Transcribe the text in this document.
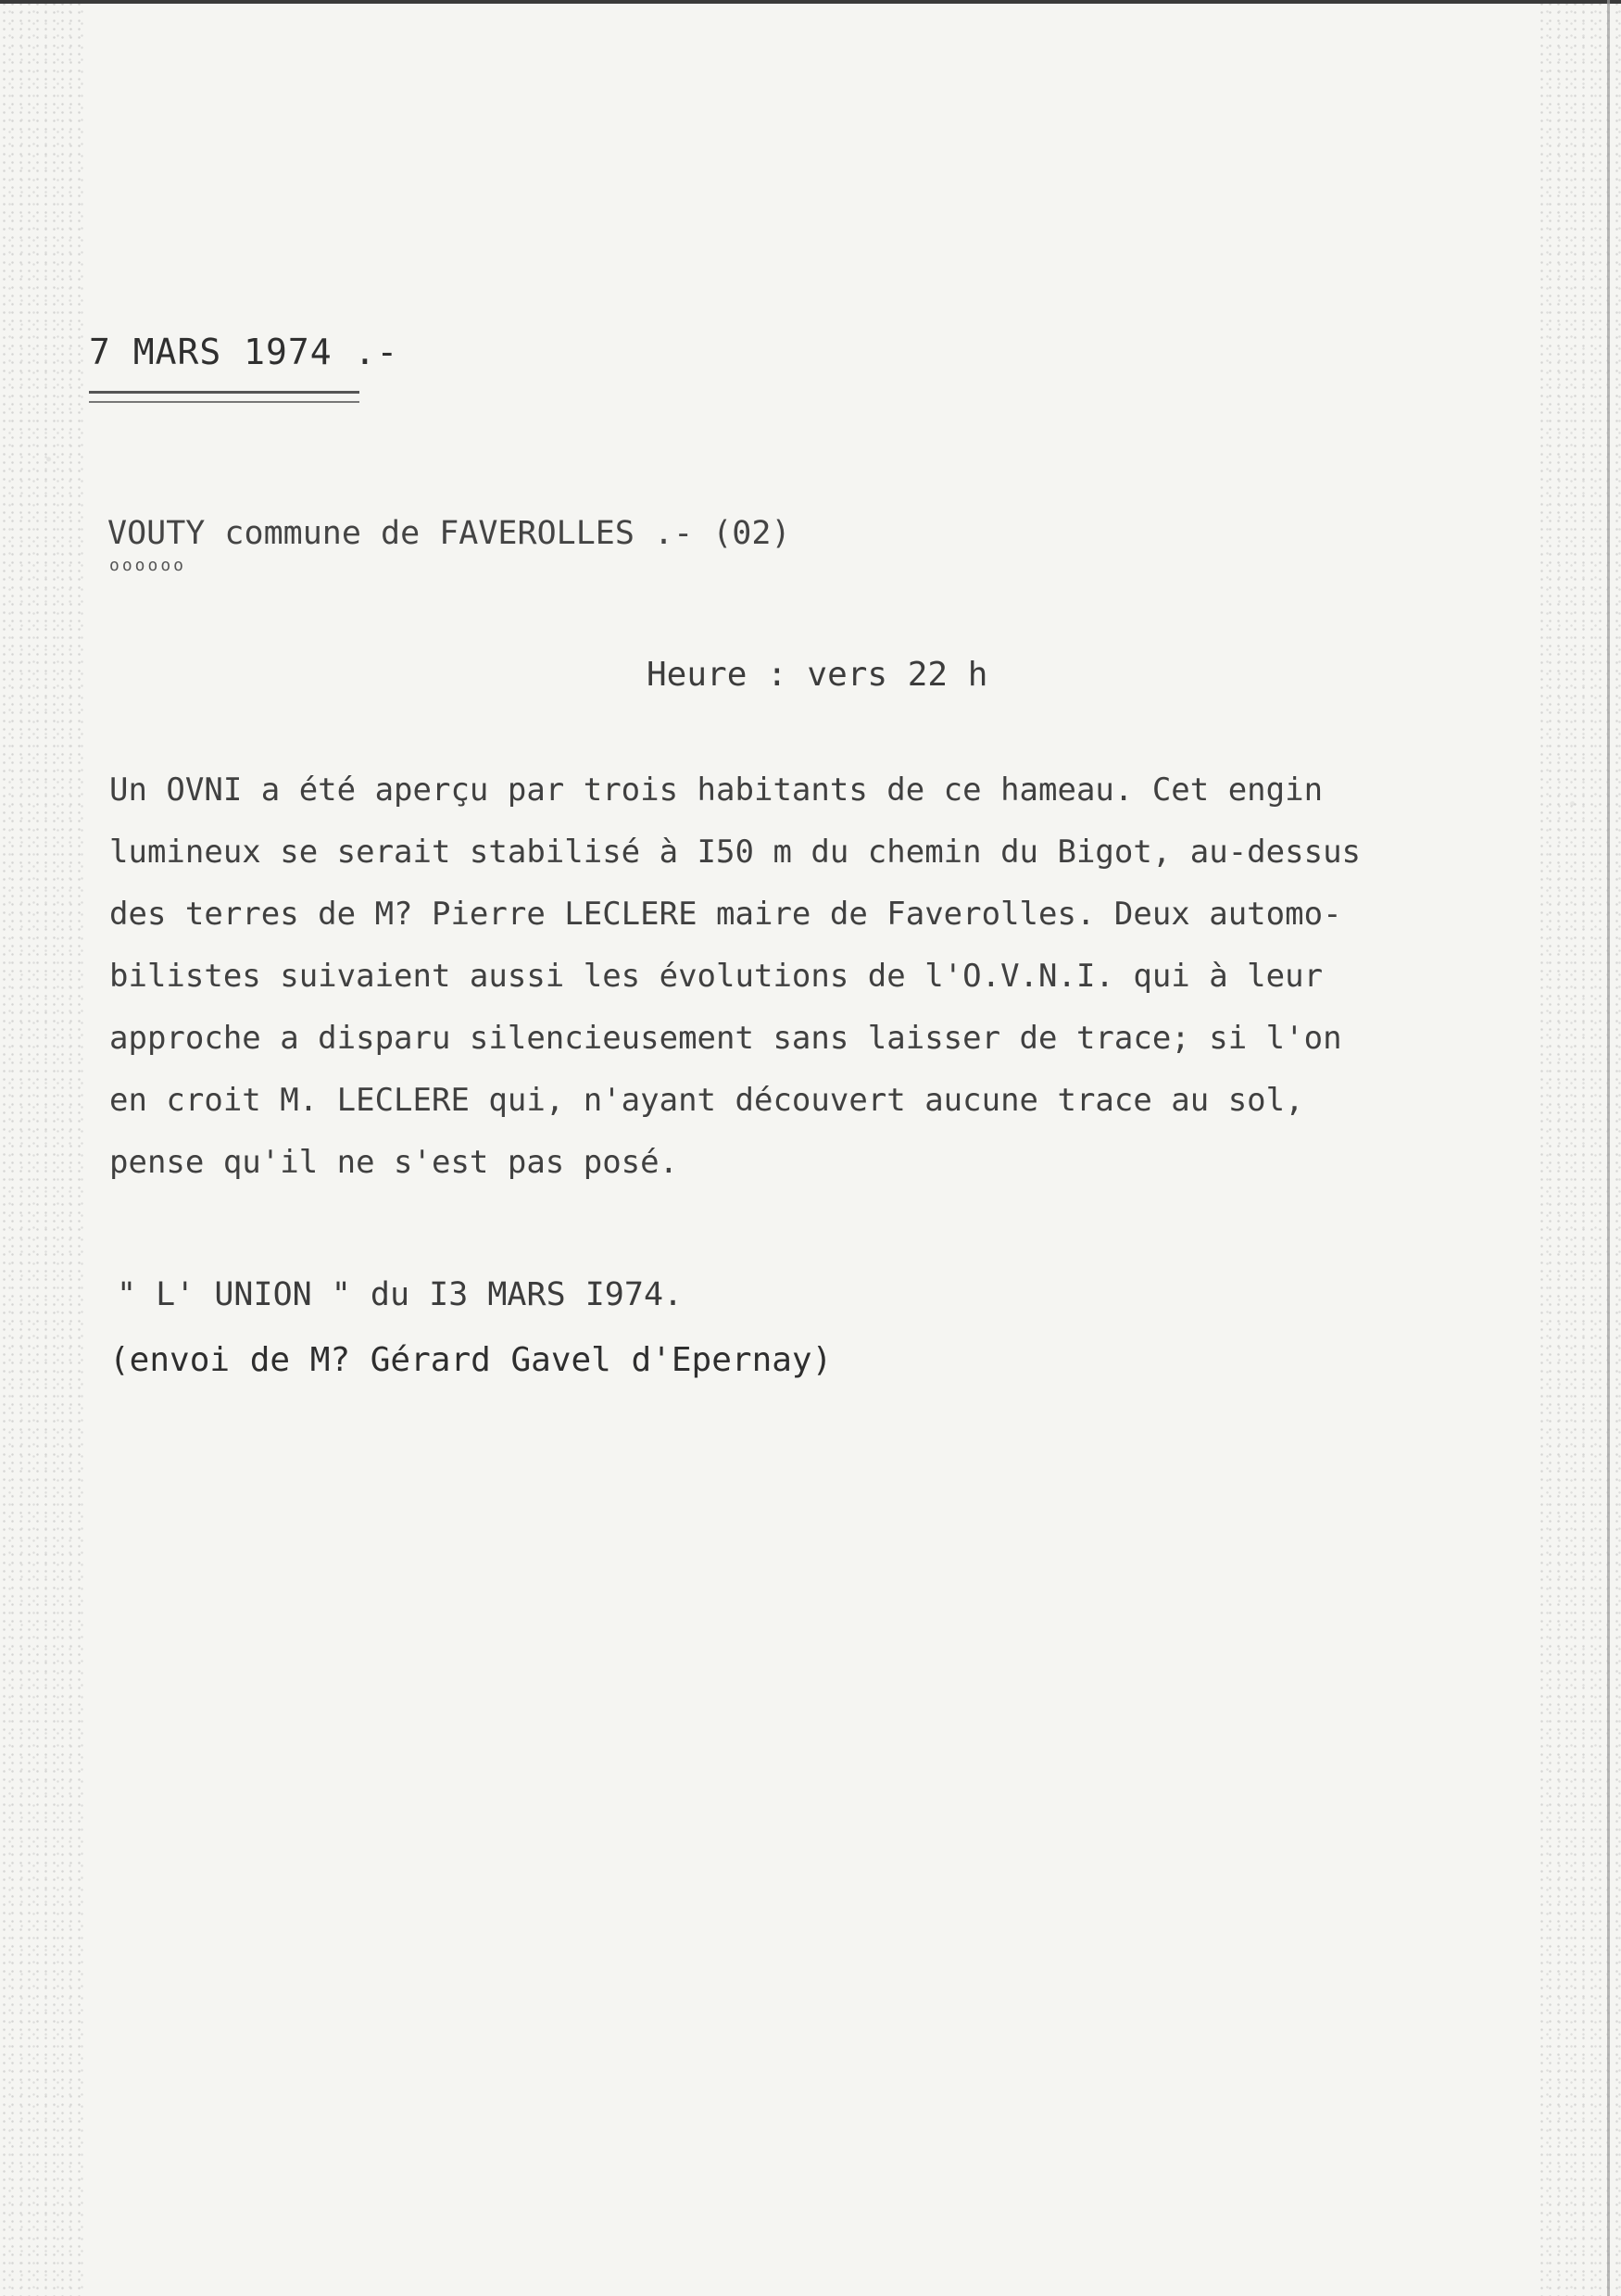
7 MARS 1974 .-
VOUTY commune de FAVEROLLES .- (02)
oooooo
Heure : vers 22 h

Un OVNI a été aperçu par trois habitants de ce hameau. Cet engin
lumineux se serait stabilisé à I50 m du chemin du Bigot, au-dessus
des terres de M? Pierre LECLERE maire de Faverolles. Deux automo-
bilistes suivaient aussi les évolutions de l'O.V.N.I. qui à leur
approche a disparu silencieusement sans laisser de trace; si l'on
en croit M. LECLERE qui, n'ayant découvert aucune trace au sol,
pense qu'il ne s'est pas posé.

" L' UNION " du I3 MARS I974.
(envoi de M? Gérard Gavel d'Epernay)
